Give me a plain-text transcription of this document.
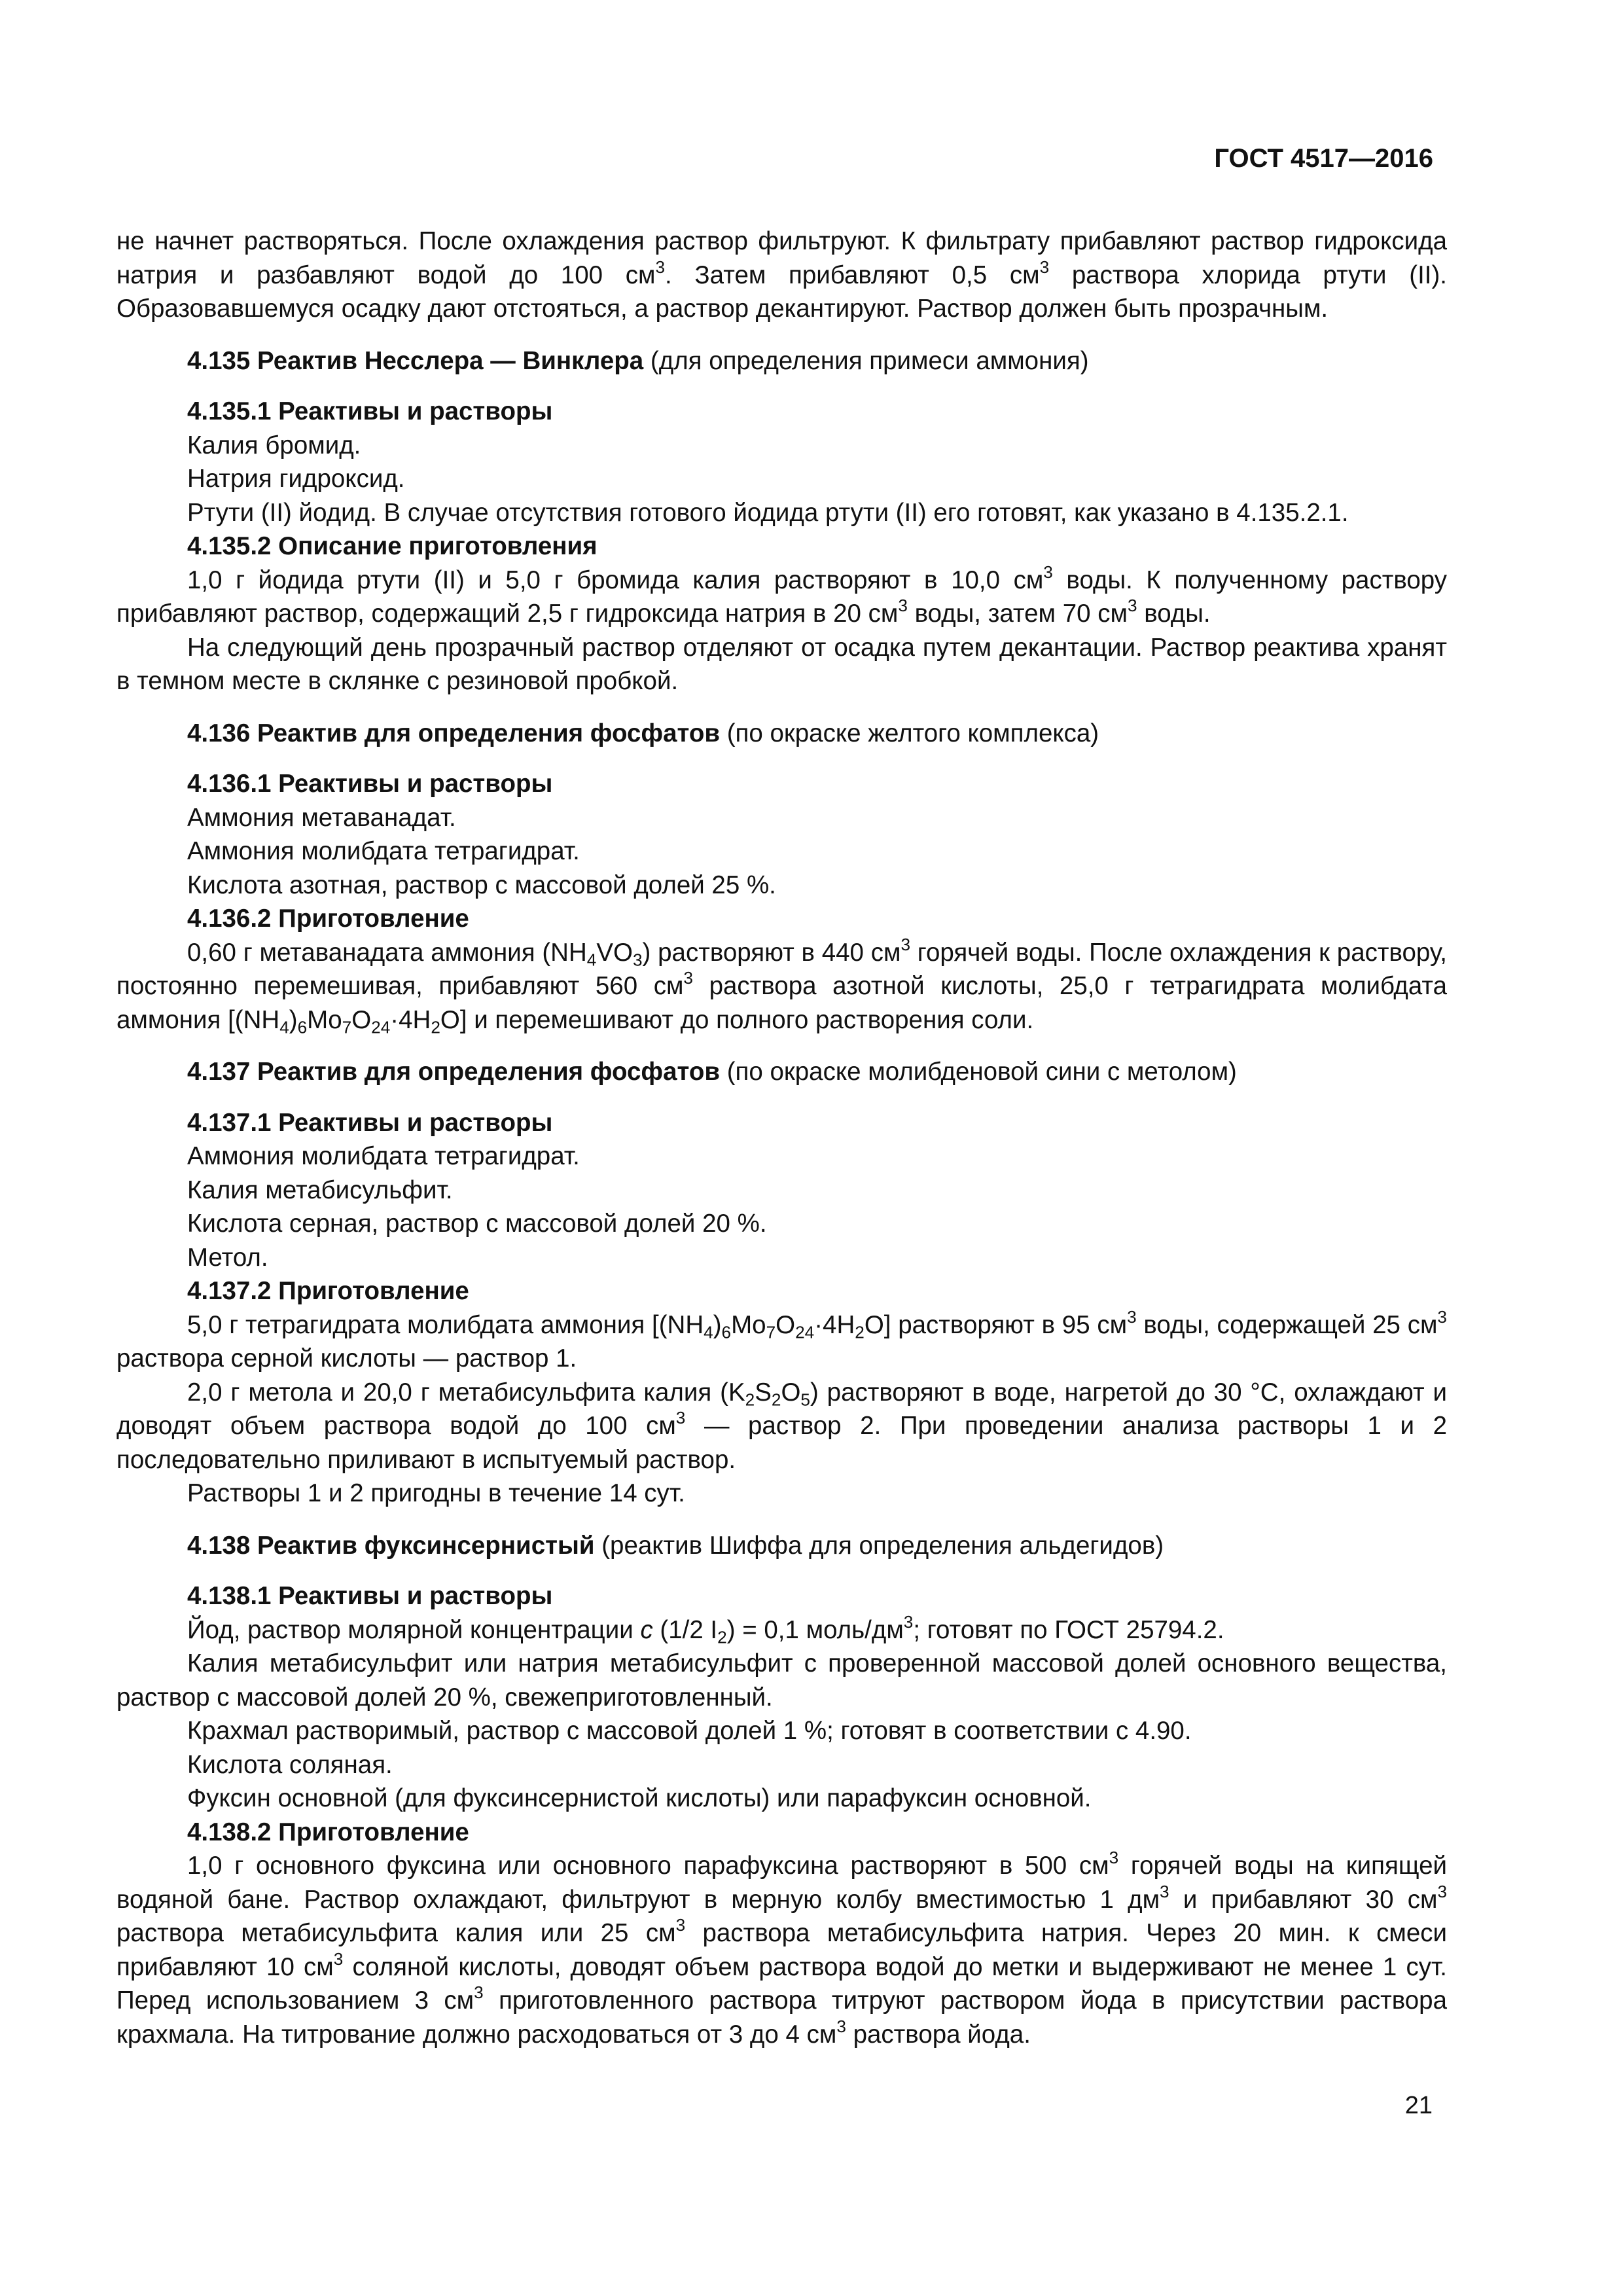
ГОСТ 4517—2016

не начнет растворяться. После охлаждения раствор фильтруют. К фильтрату прибавляют раствор гидроксида натрия и разбавляют водой до 100 $см^3$. Затем прибавляют 0,5 $см^3$ раствора хлорида ртути (II). Образовавшемуся осадку дают отстояться, а раствор декантируют. Раствор должен быть прозрачным.

4.135 Реактив Несслера — Винклера (для определения примеси аммония)

4.135.1 Реактивы и растворы

Калия бромид.

Натрия гидроксид.

Ртути (II) йодид. В случае отсутствия готового йодида ртути (II) его готовят, как указано в 4.135.2.1.

4.135.2 Описание приготовления

1,0 г йодида ртути (II) и 5,0 г бромида калия растворяют в 10,0 $см^3$ воды. К полученному раствору прибавляют раствор, содержащий 2,5 г гидроксида натрия в 20 $см^3$ воды, затем 70 $см^3$ воды.

На следующий день прозрачный раствор отделяют от осадка путем декантации. Раствор реактива хранят в темном месте в склянке с резиновой пробкой.

4.136 Реактив для определения фосфатов (по окраске желтого комплекса)

4.136.1 Реактивы и растворы

Аммония метаванадат.

Аммония молибдата тетрагидрат.

Кислота азотная, раствор с массовой долей 25 %.

4.136.2 Приготовление

0,60 г метаванадата аммония $(NH_4VO_3)$ растворяют в 440 $см^3$ горячей воды. После охлаждения к раствору, постоянно перемешивая, прибавляют 560 $см^3$ раствора азотной кислоты, 25,0 г тетрагидрата молибдата аммония $[(NH_4)_6Mo_7O_{24}\cdot 4H_2O]$ и перемешивают до полного растворения соли.

4.137 Реактив для определения фосфатов (по окраске молибденовой сини с метолом)

4.137.1 Реактивы и растворы

Аммония молибдата тетрагидрат.

Калия метабисульфит.

Кислота серная, раствор с массовой долей 20 %.

Метол.

4.137.2 Приготовление

5,0 г тетрагидрата молибдата аммония $[(NH_4)_6Mo_7O_{24}\cdot 4H_2O]$ растворяют в 95 $см^3$ воды, содержащей 25 $см^3$ раствора серной кислоты — раствор 1.

2,0 г метола и 20,0 г метабисульфита калия $(K_2S_2O_5)$ растворяют в воде, нагретой до 30 °С, охлаждают и доводят объем раствора водой до 100 $см^3$ — раствор 2. При проведении анализа растворы 1 и 2 последовательно приливают в испытуемый раствор.

Растворы 1 и 2 пригодны в течение 14 сут.

4.138 Реактив фуксинсернистый (реактив Шиффа для определения альдегидов)

4.138.1 Реактивы и растворы

Йод, раствор молярной концентрации c (1/2 $I_2) = 0,1$ моль/$дм^3$; готовят по ГОСТ 25794.2.

Калия метабисульфит или натрия метабисульфит с проверенной массовой долей основного вещества, раствор с массовой долей 20 %, свежеприготовленный.

Крахмал растворимый, раствор с массовой долей 1 %; готовят в соответствии с 4.90.

Кислота соляная.

Фуксин основной (для фуксинсернистой кислоты) или парафуксин основной.

4.138.2 Приготовление

1,0 г основного фуксина или основного парафуксина растворяют в 500 $см^3$ горячей воды на кипящей водяной бане. Раствор охлаждают, фильтруют в мерную колбу вместимостью 1 $дм^3$ и прибавляют 30 $см^3$ раствора метабисульфита калия или 25 $см^3$ раствора метабисульфита натрия. Через 20 мин. к смеси прибавляют 10 $см^3$ соляной кислоты, доводят объем раствора водой до метки и выдерживают не менее 1 сут. Перед использованием 3 $см^3$ приготовленного раствора титруют раствором йода в присутствии раствора крахмала. На титрование должно расходоваться от 3 до 4 $см^3$ раствора йода.

21
